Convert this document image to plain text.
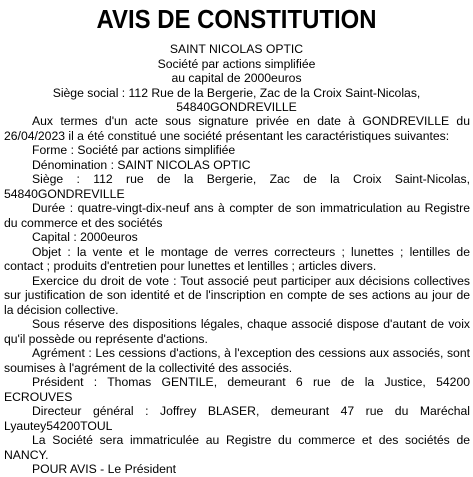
AVIS DE CONSTITUTION
SAINT NICOLAS OPTIC
Société par actions simplifiée
au capital de 2000euros
Siège social : 112 Rue de la Bergerie, Zac de la Croix Saint-Nicolas,
54840GONDREVILLE

Aux termes d'un acte sous signature privée en date à GONDREVILLE du 26/04/2023 il a été constitué une société présentant les caractéristiques suivantes:

Forme : Société par actions simplifiée

Dénomination : SAINT NICOLAS OPTIC

Siège : 112 rue de la Bergerie, Zac de la Croix Saint-Nicolas, 54840GONDREVILLE

Durée : quatre-vingt-dix-neuf ans à compter de son immatriculation au Registre du commerce et des sociétés

Capital : 2000euros

Objet : la vente et le montage de verres correcteurs ; lunettes ; lentilles de contact ; produits d'entretien pour lunettes et lentilles ; articles divers.

Exercice du droit de vote : Tout associé peut participer aux décisions collectives sur justification de son identité et de l'inscription en compte de ses actions au jour de la décision collective.

Sous réserve des dispositions légales, chaque associé dispose d'autant de voix qu'il possède ou représente d'actions.

Agrément : Les cessions d'actions, à l'exception des cessions aux associés, sont soumises à l'agrément de la collectivité des associés.

Président : Thomas GENTILE, demeurant 6 rue de la Justice, 54200 ECROUVES

Directeur général : Joffrey BLASER, demeurant 47 rue du Maréchal Lyautey54200TOUL

La Société sera immatriculée au Registre du commerce et des sociétés de NANCY.

POUR AVIS - Le Président
